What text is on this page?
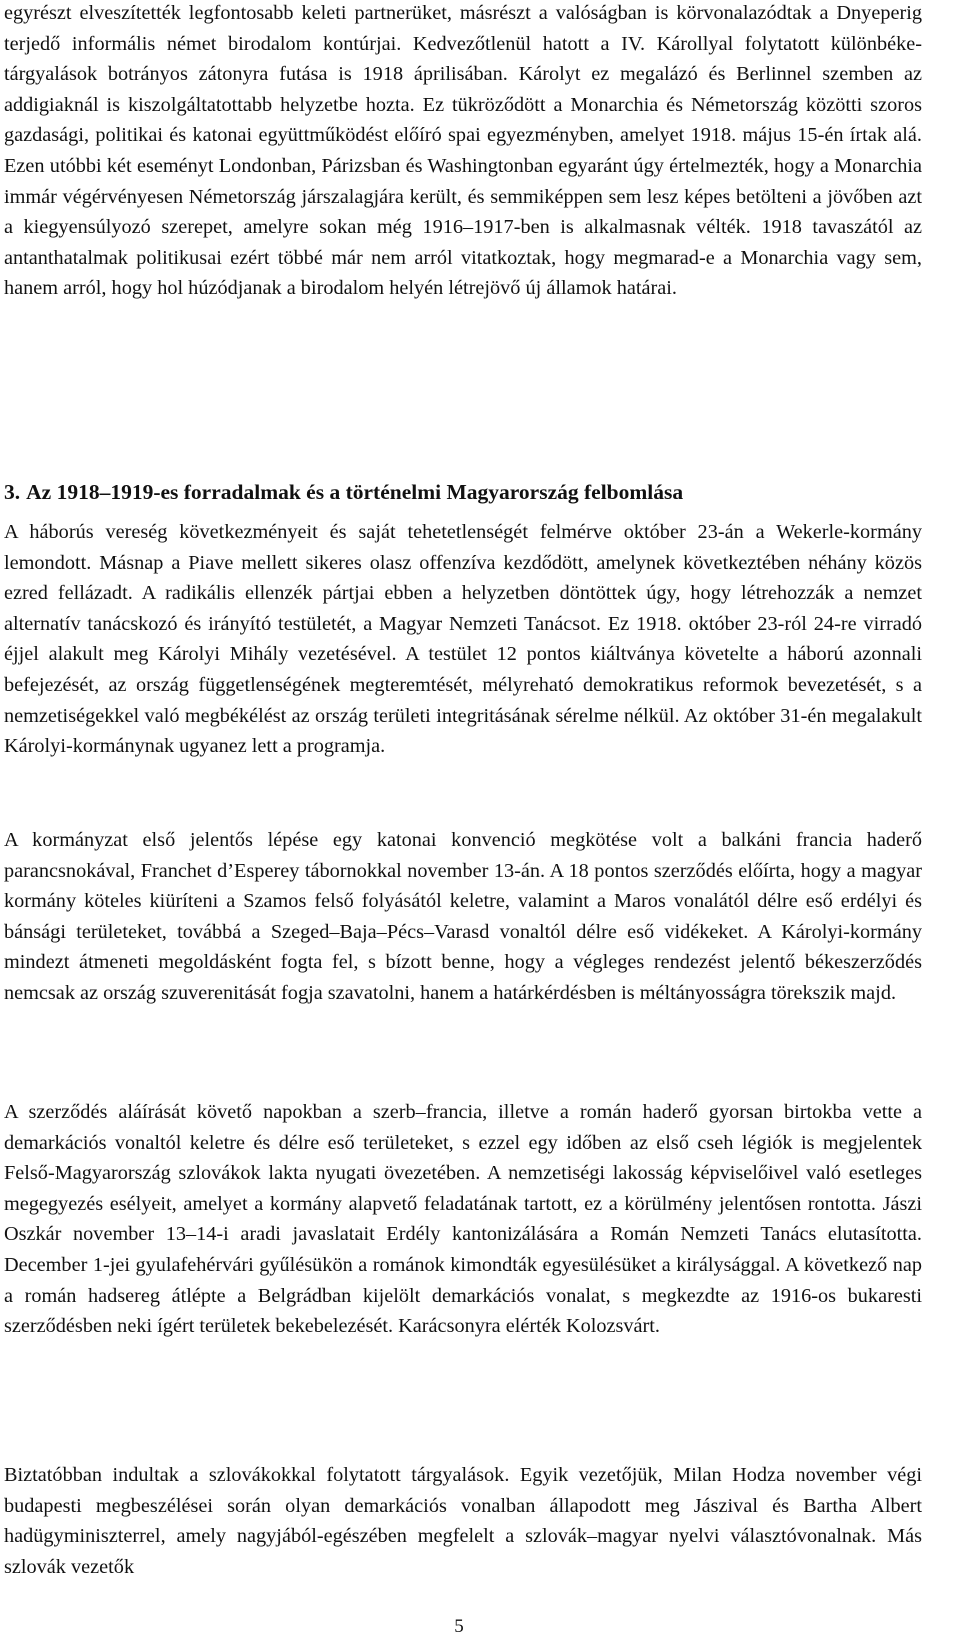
egyrészt elveszítették legfontosabb keleti partnerüket, másrészt a valóságban is körvonalazódtak a Dnyeperig terjedő informális német birodalom kontúrjai. Kedvezőtlenül hatott a IV. Károllyal folytatott különbéke-tárgyalások botrányos zátonyra futása is 1918 áprilisában. Károlyt ez megalázó és Berlinnel szemben az addigiaknál is kiszolgáltatottabb helyzetbe hozta. Ez tükröződött a Monarchia és Németország közötti szoros gazdasági, politikai és katonai együttműködést előíró spai egyezményben, amelyet 1918. május 15-én írtak alá. Ezen utóbbi két eseményt Londonban, Párizsban és Washingtonban egyaránt úgy értelmezték, hogy a Monarchia immár végérvényesen Németország járszalagjára került, és semmiképpen sem lesz képes betölteni a jövőben azt a kiegyensúlyozó szerepet, amelyre sokan még 1916–1917-ben is alkalmasnak vélték. 1918 tavaszától az antanthatalmak politikusai ezért többé már nem arról vitatkoztak, hogy megmarad-e a Monarchia vagy sem, hanem arról, hogy hol húzódjanak a birodalom helyén létrejövő új államok határai.

3. Az 1918–1919-es forradalmak és a történelmi Magyarország felbomlása

A háborús vereség következményeit és saját tehetetlenségét felmérve október 23-án a Wekerle-kormány lemondott. Másnap a Piave mellett sikeres olasz offenzíva kezdődött, amelynek következtében néhány közös ezred fellázadt. A radikális ellenzék pártjai ebben a helyzetben döntöttek úgy, hogy létrehozzák a nemzet alternatív tanácskozó és irányító testületét, a Magyar Nemzeti Tanácsot. Ez 1918. október 23-ról 24-re virradó éjjel alakult meg Károlyi Mihály vezetésével. A testület 12 pontos kiáltványa követelte a háború azonnali befejezését, az ország függetlenségének megteremtését, mélyreható demokratikus reformok bevezetését, s a nemzetiségekkel való megbékélést az ország területi integritásának sérelme nélkül. Az október 31-én megalakult Károlyi-kormánynak ugyanez lett a programja.

A kormányzat első jelentős lépése egy katonai konvenció megkötése volt a balkáni francia haderő parancsnokával, Franchet d’Esperey tábornokkal november 13-án. A 18 pontos szerződés előírta, hogy a magyar kormány köteles kiüríteni a Szamos felső folyásától keletre, valamint a Maros vonalától délre eső erdélyi és bánsági területeket, továbbá a Szeged–Baja–Pécs–Varasd vonaltól délre eső vidékeket. A Károlyi-kormány mindezt átmeneti megoldásként fogta fel, s bízott benne, hogy a végleges rendezést jelentő békeszerződés nemcsak az ország szuverenitását fogja szavatolni, hanem a határkérdésben is méltányosságra törekszik majd.

A szerződés aláírását követő napokban a szerb–francia, illetve a román haderő gyorsan birtokba vette a demarkációs vonaltól keletre és délre eső területeket, s ezzel egy időben az első cseh légiók is megjelentek Felső-Magyarország szlovákok lakta nyugati övezetében. A nemzetiségi lakosság képviselőivel való esetleges megegyezés esélyeit, amelyet a kormány alapvető feladatának tartott, ez a körülmény jelentősen rontotta. Jászi Oszkár november 13–14-i aradi javaslatait Erdély kantonizálására a Román Nemzeti Tanács elutasította. December 1-jei gyulafehérvári gyűlésükön a románok kimondták egyesülésüket a királysággal. A következő nap a román hadsereg átlépte a Belgrádban kijelölt demarkációs vonalat, s megkezdte az 1916-os bukaresti szerződésben neki ígért területek bekebelezését. Karácsonyra elérték Kolozsvárt.

Biztatóbban indultak a szlovákokkal folytatott tárgyalások. Egyik vezetőjük, Milan Hodza november végi budapesti megbeszélései során olyan demarkációs vonalban állapodott meg Jászival és Bartha Albert hadügyminiszterrel, amely nagyjából-egészében megfelelt a szlovák–magyar nyelvi választóvonalnak. Más szlovák vezetők

5
